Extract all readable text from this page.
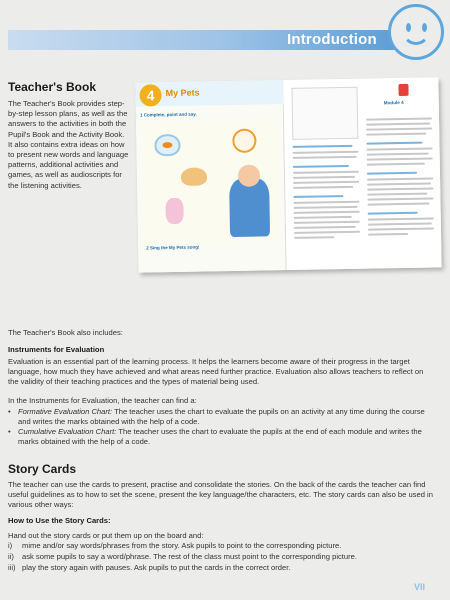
Introduction
Teacher's Book
The Teacher's Book provides step-by-step lesson plans, as well as the answers to the activities in both the Pupil's Book and the Activity Book. It also contains extra ideas on how to present new words and language patterns, additional activities and games, as well as audioscripts for the listening activities.
4	My Pets
1 Complete, point and say.
2 Sing the My Pets song!
Module 4
The Teacher's Book also includes:
Instruments for Evaluation
Evaluation is an essential part of the learning process. It helps the learners become aware of their progress in the target language, how much they have achieved and what areas need further practice. Evaluation also allows teachers to reflect on the validity of their teaching practices and the types of material being used.
In the Instruments for Evaluation, the teacher can find a:
• Formative Evaluation Chart: The teacher uses the chart to evaluate the pupils on an activity at any time during the course and writes the marks obtained with the help of a code.
• Cumulative Evaluation Chart: The teacher uses the chart to evaluate the pupils at the end of each module and writes the marks obtained with the help of a code.
Story Cards
The teacher can use the cards to present, practise and consolidate the stories. On the back of the cards the teacher can find useful guidelines as to how to set the scene, present the key language/the characters, etc. The story cards can also be used in various other ways:
How to Use the Story Cards:
Hand out the story cards or put them up on the board and:
i) mime and/or say words/phrases from the story. Ask pupils to point to the corresponding picture.
ii) ask some pupils to say a word/phrase. The rest of the class must point to the corresponding picture.
iii) play the story again with pauses. Ask pupils to put the cards in the correct order.
VII
